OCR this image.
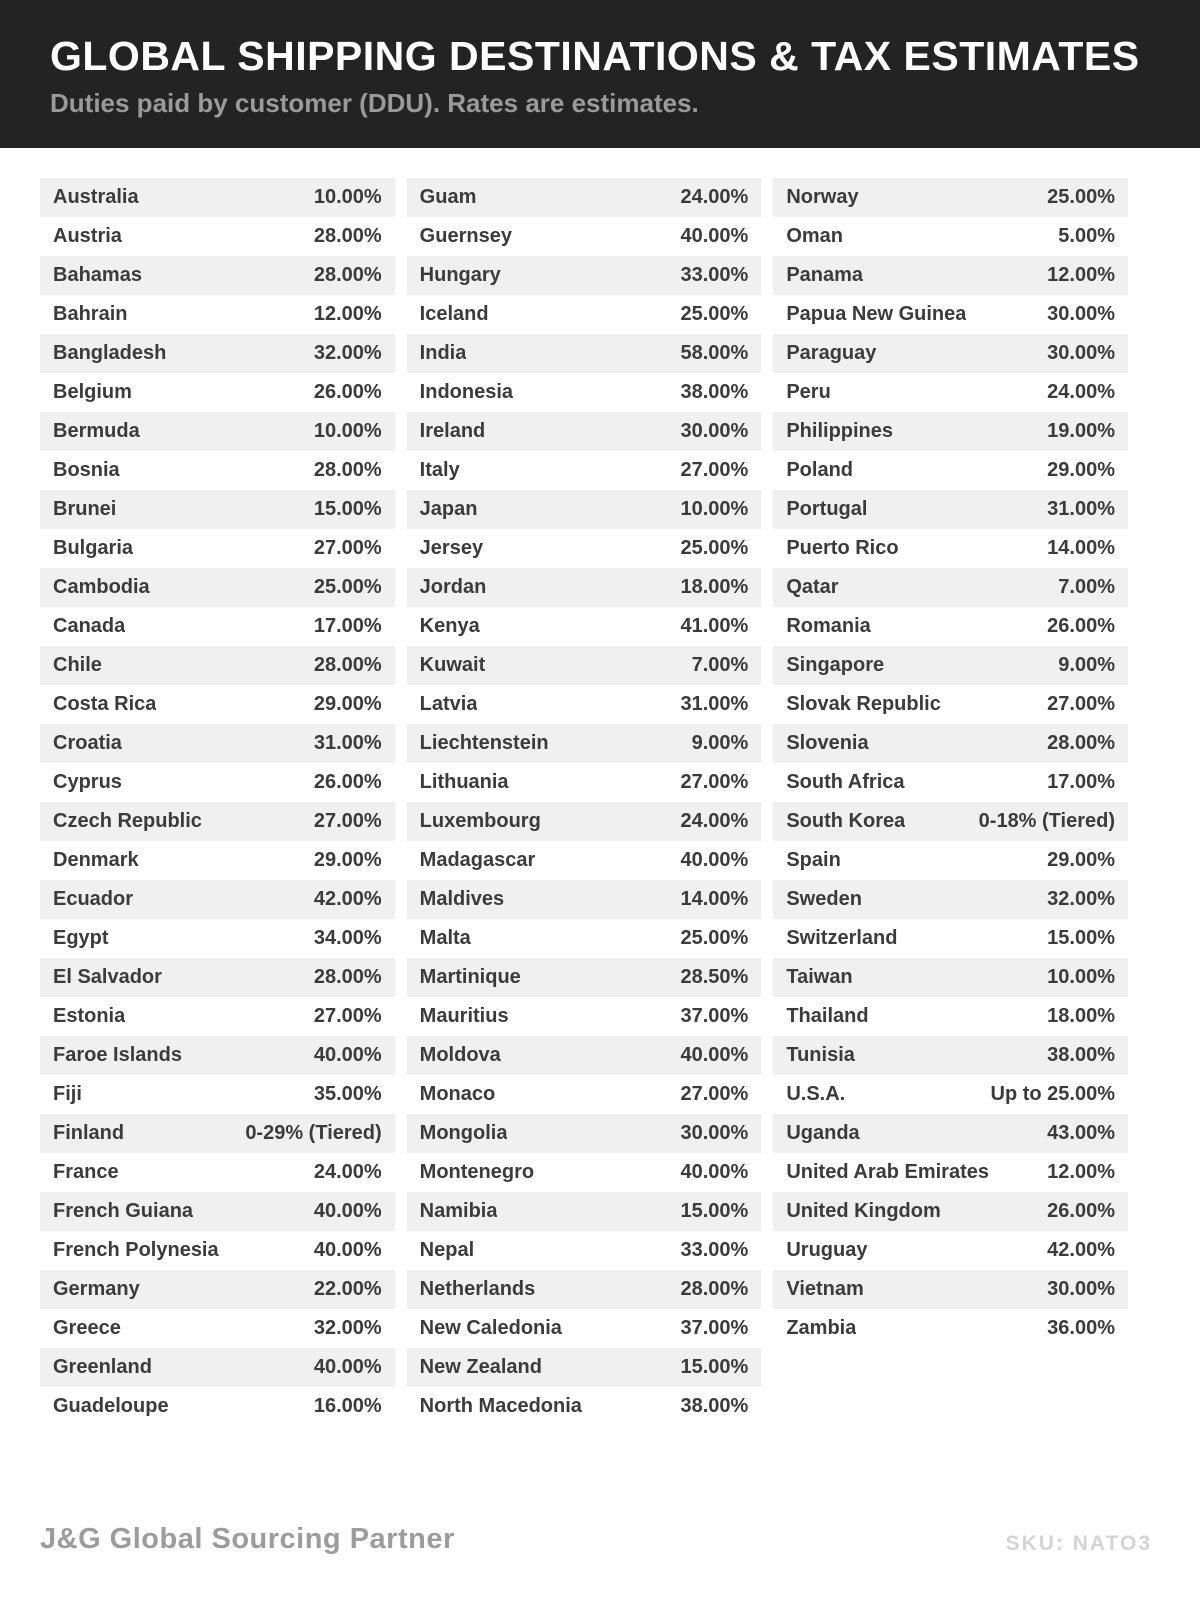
GLOBAL SHIPPING DESTINATIONS & TAX ESTIMATES
Duties paid by customer (DDU). Rates are estimates.
Australia	10.00%
Austria	28.00%
Bahamas	28.00%
Bahrain	12.00%
Bangladesh	32.00%
Belgium	26.00%
Bermuda	10.00%
Bosnia	28.00%
Brunei	15.00%
Bulgaria	27.00%
Cambodia	25.00%
Canada	17.00%
Chile	28.00%
Costa Rica	29.00%
Croatia	31.00%
Cyprus	26.00%
Czech Republic	27.00%
Denmark	29.00%
Ecuador	42.00%
Egypt	34.00%
El Salvador	28.00%
Estonia	27.00%
Faroe Islands	40.00%
Fiji	35.00%
Finland	0-29% (Tiered)
France	24.00%
French Guiana	40.00%
French Polynesia	40.00%
Germany	22.00%
Greece	32.00%
Greenland	40.00%
Guadeloupe	16.00%
Guam	24.00%
Guernsey	40.00%
Hungary	33.00%
Iceland	25.00%
India	58.00%
Indonesia	38.00%
Ireland	30.00%
Italy	27.00%
Japan	10.00%
Jersey	25.00%
Jordan	18.00%
Kenya	41.00%
Kuwait	7.00%
Latvia	31.00%
Liechtenstein	9.00%
Lithuania	27.00%
Luxembourg	24.00%
Madagascar	40.00%
Maldives	14.00%
Malta	25.00%
Martinique	28.50%
Mauritius	37.00%
Moldova	40.00%
Monaco	27.00%
Mongolia	30.00%
Montenegro	40.00%
Namibia	15.00%
Nepal	33.00%
Netherlands	28.00%
New Caledonia	37.00%
New Zealand	15.00%
North Macedonia	38.00%
Norway	25.00%
Oman	5.00%
Panama	12.00%
Papua New Guinea	30.00%
Paraguay	30.00%
Peru	24.00%
Philippines	19.00%
Poland	29.00%
Portugal	31.00%
Puerto Rico	14.00%
Qatar	7.00%
Romania	26.00%
Singapore	9.00%
Slovak Republic	27.00%
Slovenia	28.00%
South Africa	17.00%
South Korea	0-18% (Tiered)
Spain	29.00%
Sweden	32.00%
Switzerland	15.00%
Taiwan	10.00%
Thailand	18.00%
Tunisia	38.00%
U.S.A.	Up to 25.00%
Uganda	43.00%
United Arab Emirates	12.00%
United Kingdom	26.00%
Uruguay	42.00%
Vietnam	30.00%
Zambia	36.00%
J&G Global Sourcing Partner	SKU: NATO3
